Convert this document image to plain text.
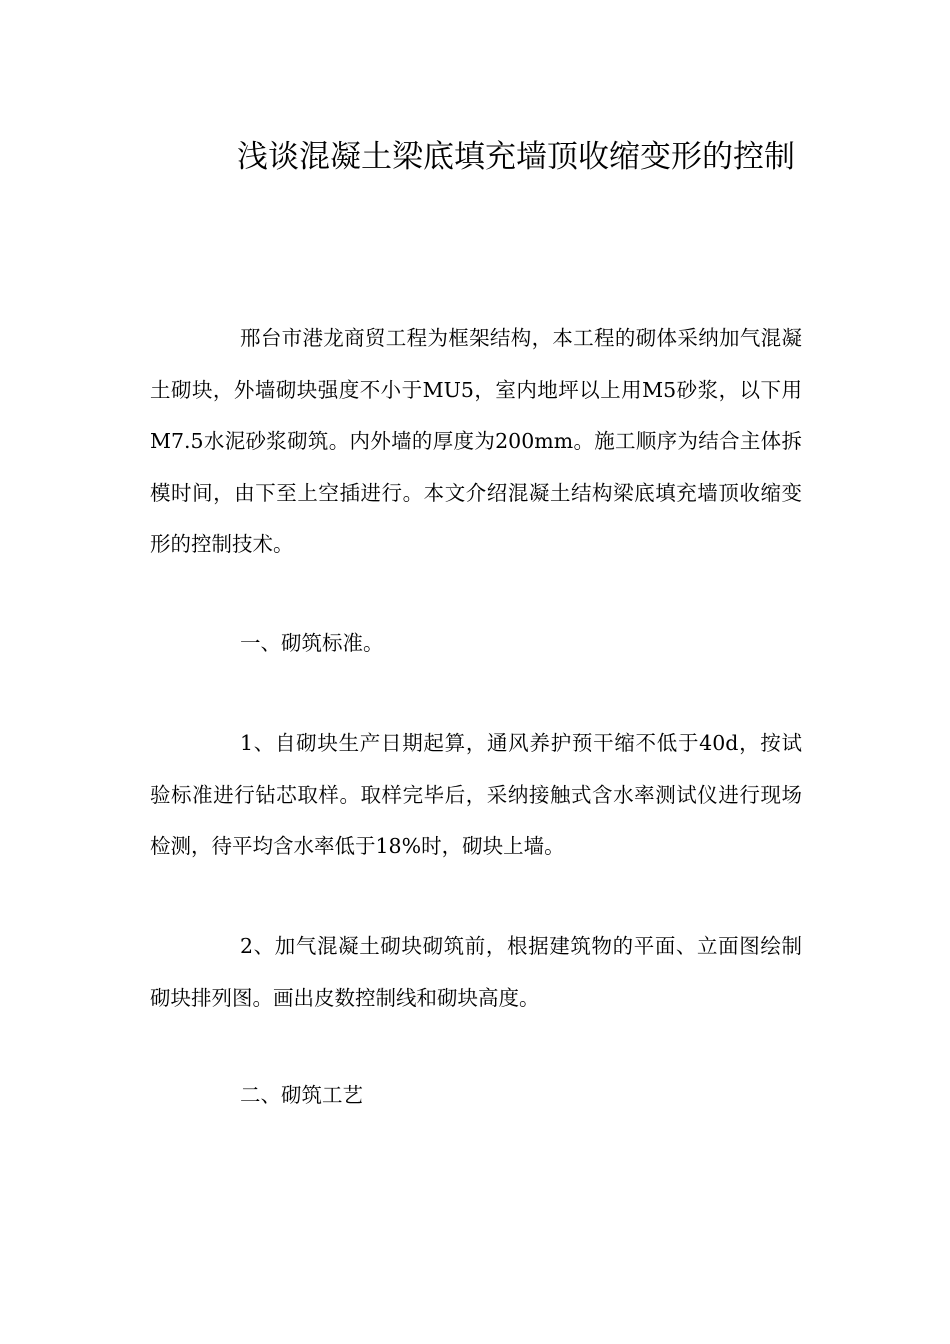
浅谈混凝土梁底填充墙顶收缩变形的控制

邢台市港龙商贸工程为框架结构，本工程的砌体采纳加气混凝土砌块，外墙砌块强度不小于MU5，室内地坪以上用M5砂浆，以下用M7.5水泥砂浆砌筑。内外墙的厚度为200mm。施工顺序为结合主体拆模时间，由下至上空插进行。本文介绍混凝土结构梁底填充墙顶收缩变形的控制技术。

一、砌筑标准。

1、自砌块生产日期起算，通风养护预干缩不低于40d，按试验标准进行钻芯取样。取样完毕后，采纳接触式含水率测试仪进行现场检测，待平均含水率低于18%时，砌块上墙。

2、加气混凝土砌块砌筑前，根据建筑物的平面、立面图绘制砌块排列图。画出皮数控制线和砌块高度。

二、砌筑工艺
